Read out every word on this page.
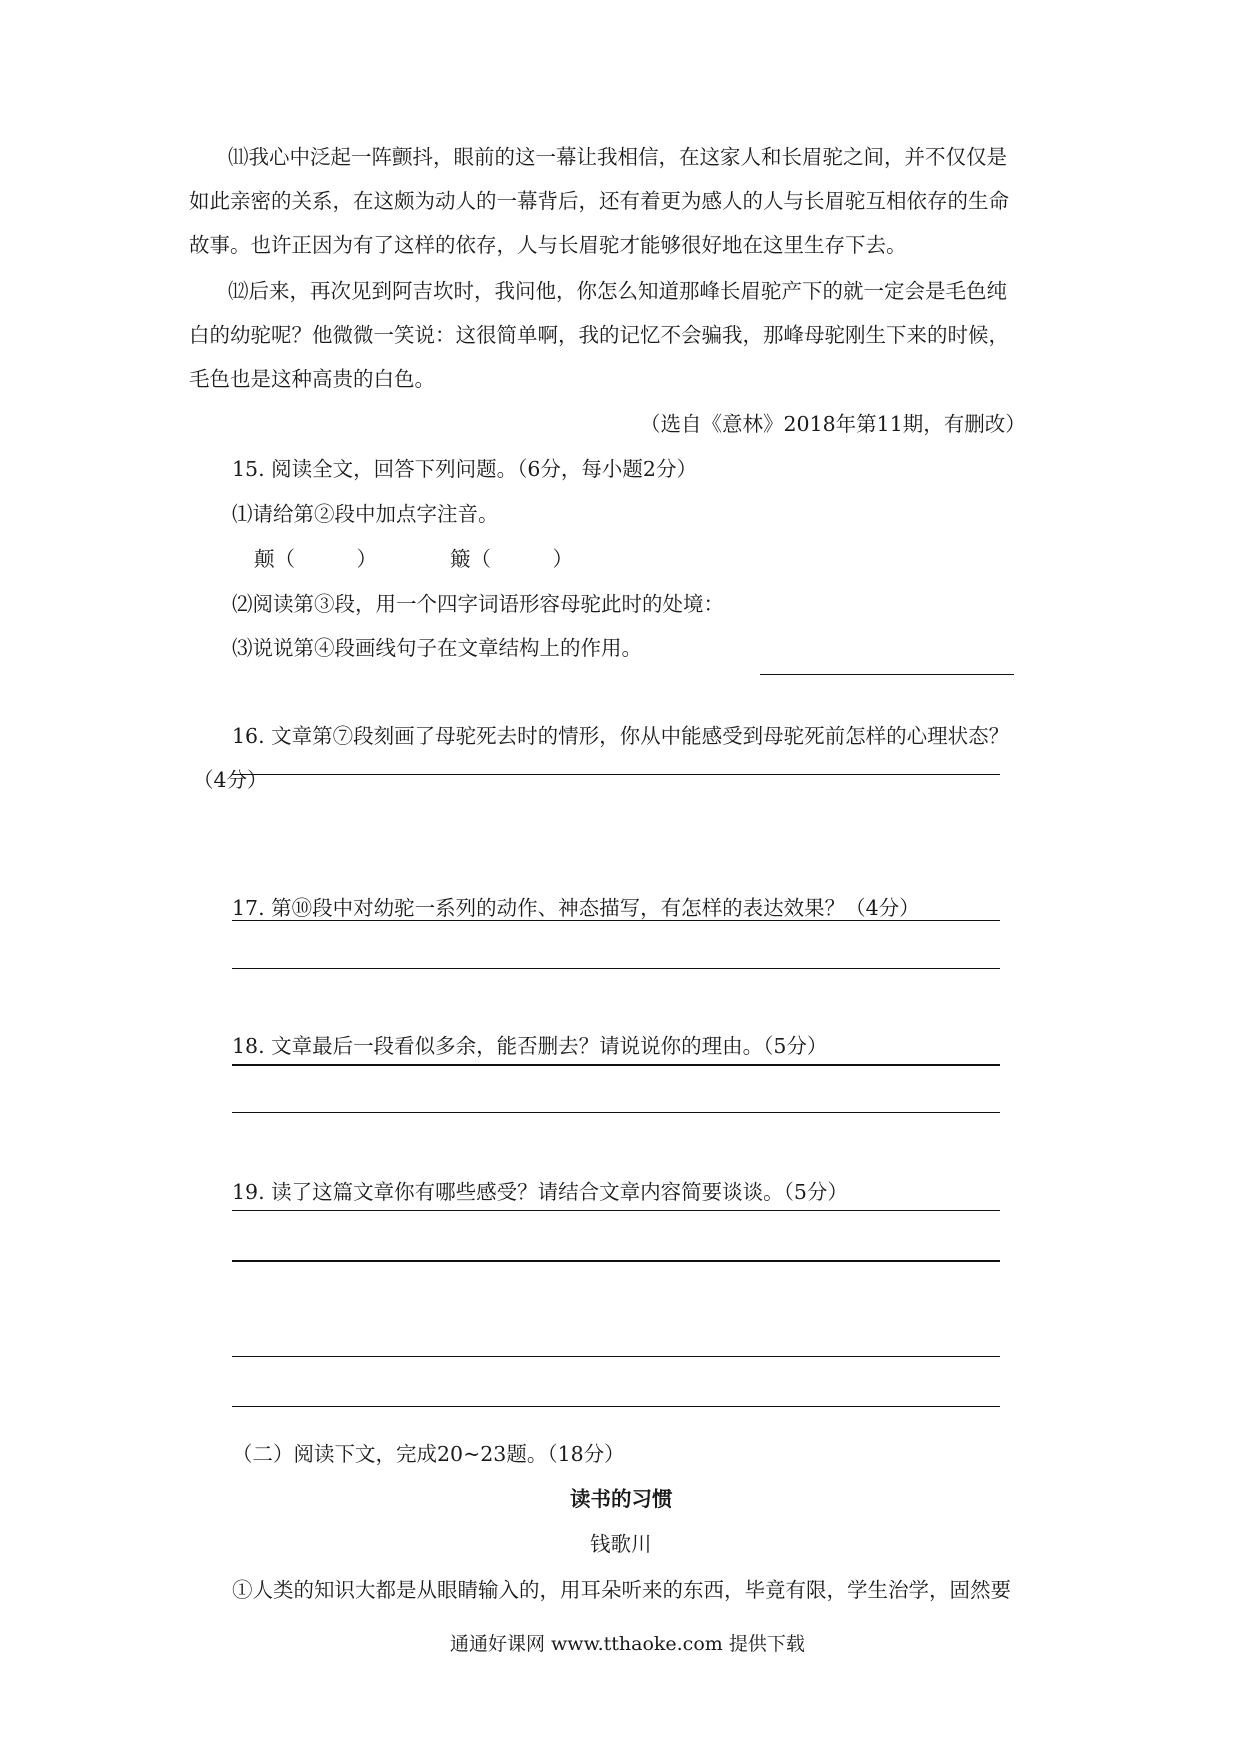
⑾我心中泛起一阵颤抖，眼前的这一幕让我相信，在这家人和长眉驼之间，并不仅仅是
如此亲密的关系，在这颇为动人的一幕背后，还有着更为感人的人与长眉驼互相依存的生命
故事。也许正因为有了这样的依存，人与长眉驼才能够很好地在这里生存下去。
⑿后来，再次见到阿吉坎时，我问他，你怎么知道那峰长眉驼产下的就一定会是毛色纯
白的幼驼呢？他微微一笑说：这很简单啊，我的记忆不会骗我，那峰母驼刚生下来的时候，
毛色也是这种高贵的白色。
（选自《意林》2018年第11期，有删改）
15. 阅读全文，回答下列问题。（6分，每小题2分）
⑴请给第②段中加点字注音。
颠（　　　）	簸（　　　）
⑵阅读第③段，用一个四字词语形容母驼此时的处境：
⑶说说第④段画线句子在文章结构上的作用。
16. 文章第⑦段刻画了母驼死去时的情形，你从中能感受到母驼死前怎样的心理状态？
（4分）
17. 第⑩段中对幼驼一系列的动作、神态描写，有怎样的表达效果？（4分）
18. 文章最后一段看似多余，能否删去？请说说你的理由。（5分）
19. 读了这篇文章你有哪些感受？请结合文章内容简要谈谈。（5分）
（二）阅读下文，完成20~23题。（18分）
读书的习惯
钱歌川
①人类的知识大都是从眼睛输入的，用耳朵听来的东西，毕竟有限，学生治学，固然要
通通好课网 www.tthaoke.com 提供下载
